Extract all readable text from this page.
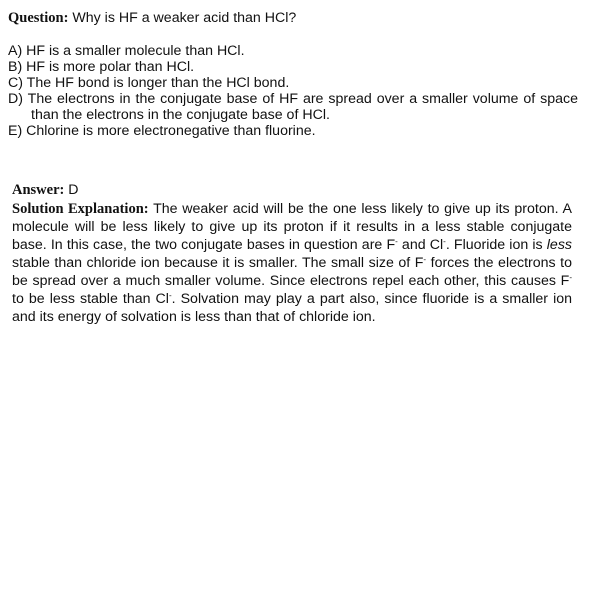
Question: Why is HF a weaker acid than HCl?
A) HF is a smaller molecule than HCl.
B) HF is more polar than HCl.
C) The HF bond is longer than the HCl bond.
D) The electrons in the conjugate base of HF are spread over a smaller volume of space than the electrons in the conjugate base of HCl.
E) Chlorine is more electronegative than fluorine.
Answer: D

Solution Explanation: The weaker acid will be the one less likely to give up its proton. A molecule will be less likely to give up its proton if it results in a less stable conjugate base. In this case, the two conjugate bases in question are F- and Cl-. Fluoride ion is less stable than chloride ion because it is smaller. The small size of F- forces the electrons to be spread over a much smaller volume. Since electrons repel each other, this causes F- to be less stable than Cl-. Solvation may play a part also, since fluoride is a smaller ion and its energy of solvation is less than that of chloride ion.
